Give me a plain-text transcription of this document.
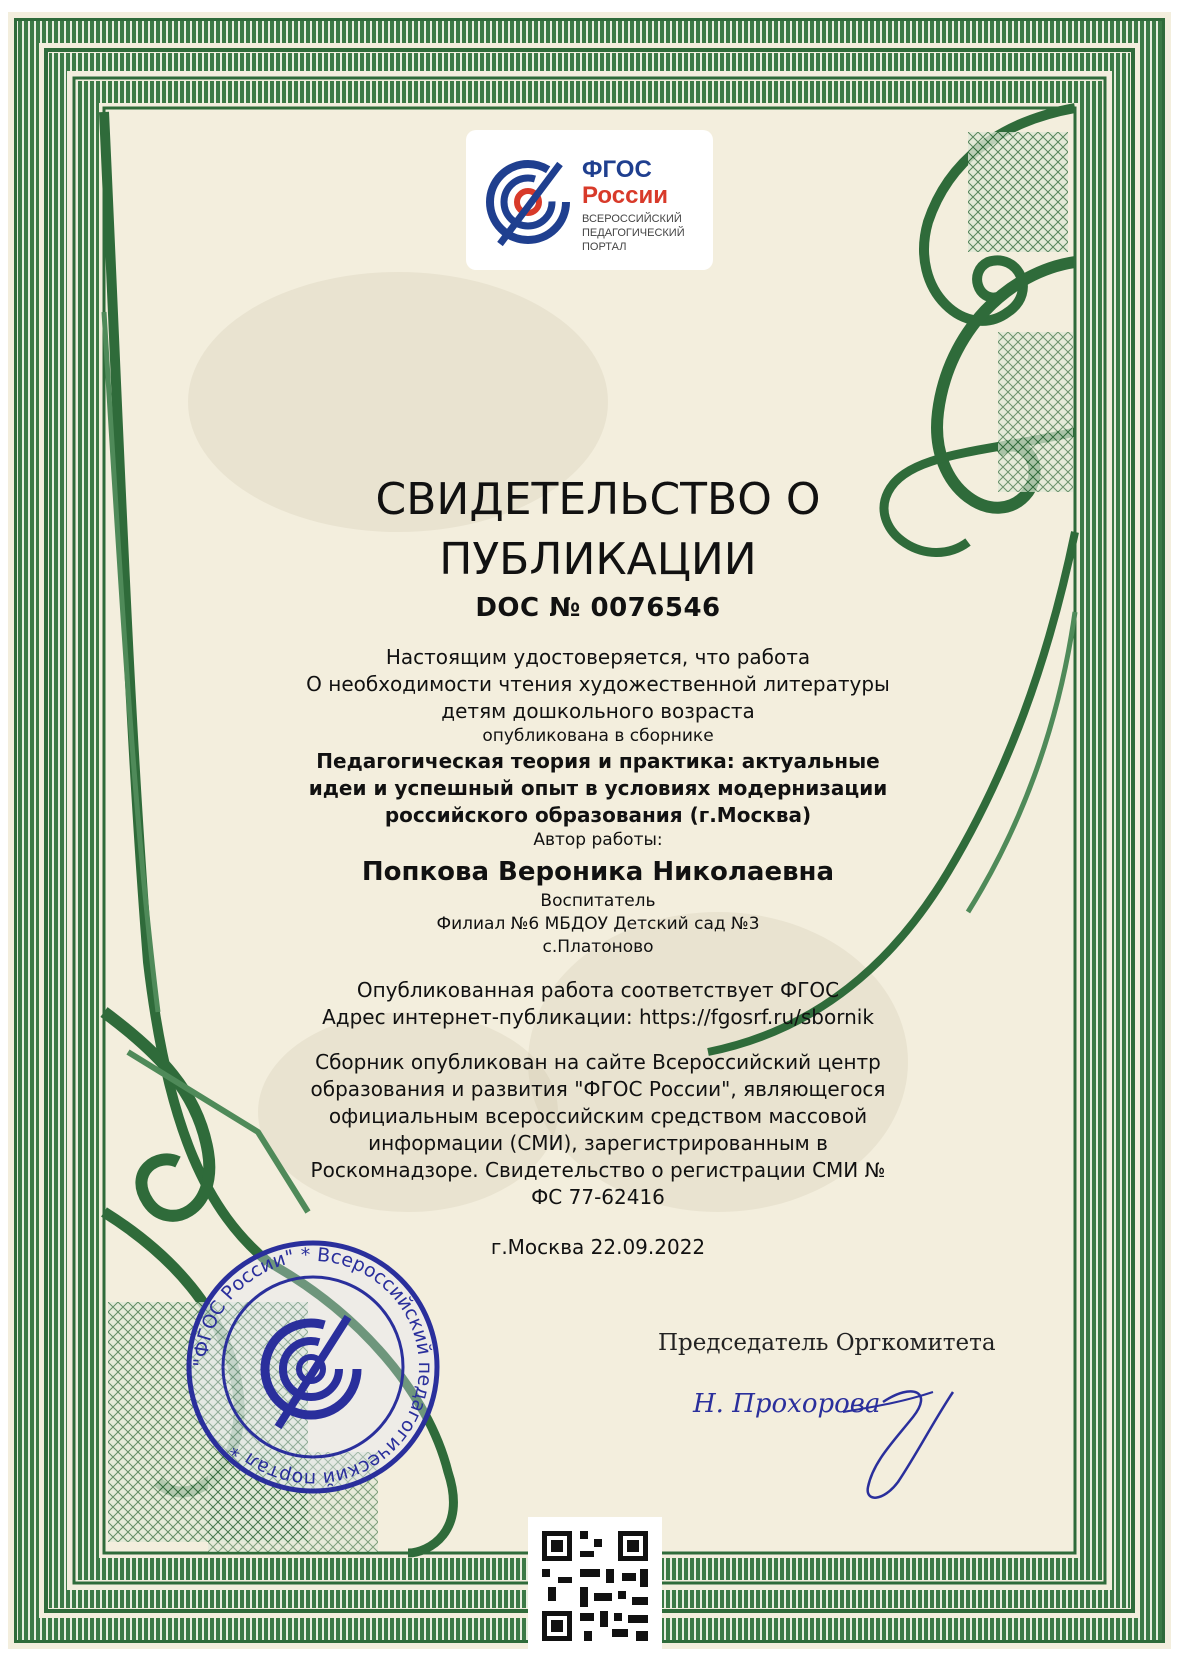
ФГОС
России
ВСЕРОССИЙСКИЙ ПЕДАГОГИЧЕСКИЙ ПОРТАЛ

СВИДЕТЕЛЬСТВО О

ПУБЛИКАЦИИ

DOC № 0076546

Настоящим удостоверяется, что работа

О необходимости чтения художественной литературы

детям дошкольного возраста

опубликована в сборнике

Педагогическая теория и практика: актуальные

идеи и успешный опыт в условиях модернизации

российского образования (г.Москва)

Автор работы:

Попкова Вероника Николаевна

Воспитатель

Филиал №6 МБДОУ Детский сад №3

с.Платоново

Опубликованная работа соответствует ФГОС

Адрес интернет-публикации: https://fgosrf.ru/sbornik

Сборник опубликован на сайте Всероссийский центр

образования и развития "ФГОС России", являющегося

официальным всероссийским средством массовой

информации (СМИ), зарегистрированным в

Роскомнадзоре. Свидетельство о регистрации СМИ №

ФС 77-62416

г.Москва 22.09.2022

Председатель Оргкомитета
Н. Прохорова
"ФГОС России" * Всероссийский педагогический портал *
